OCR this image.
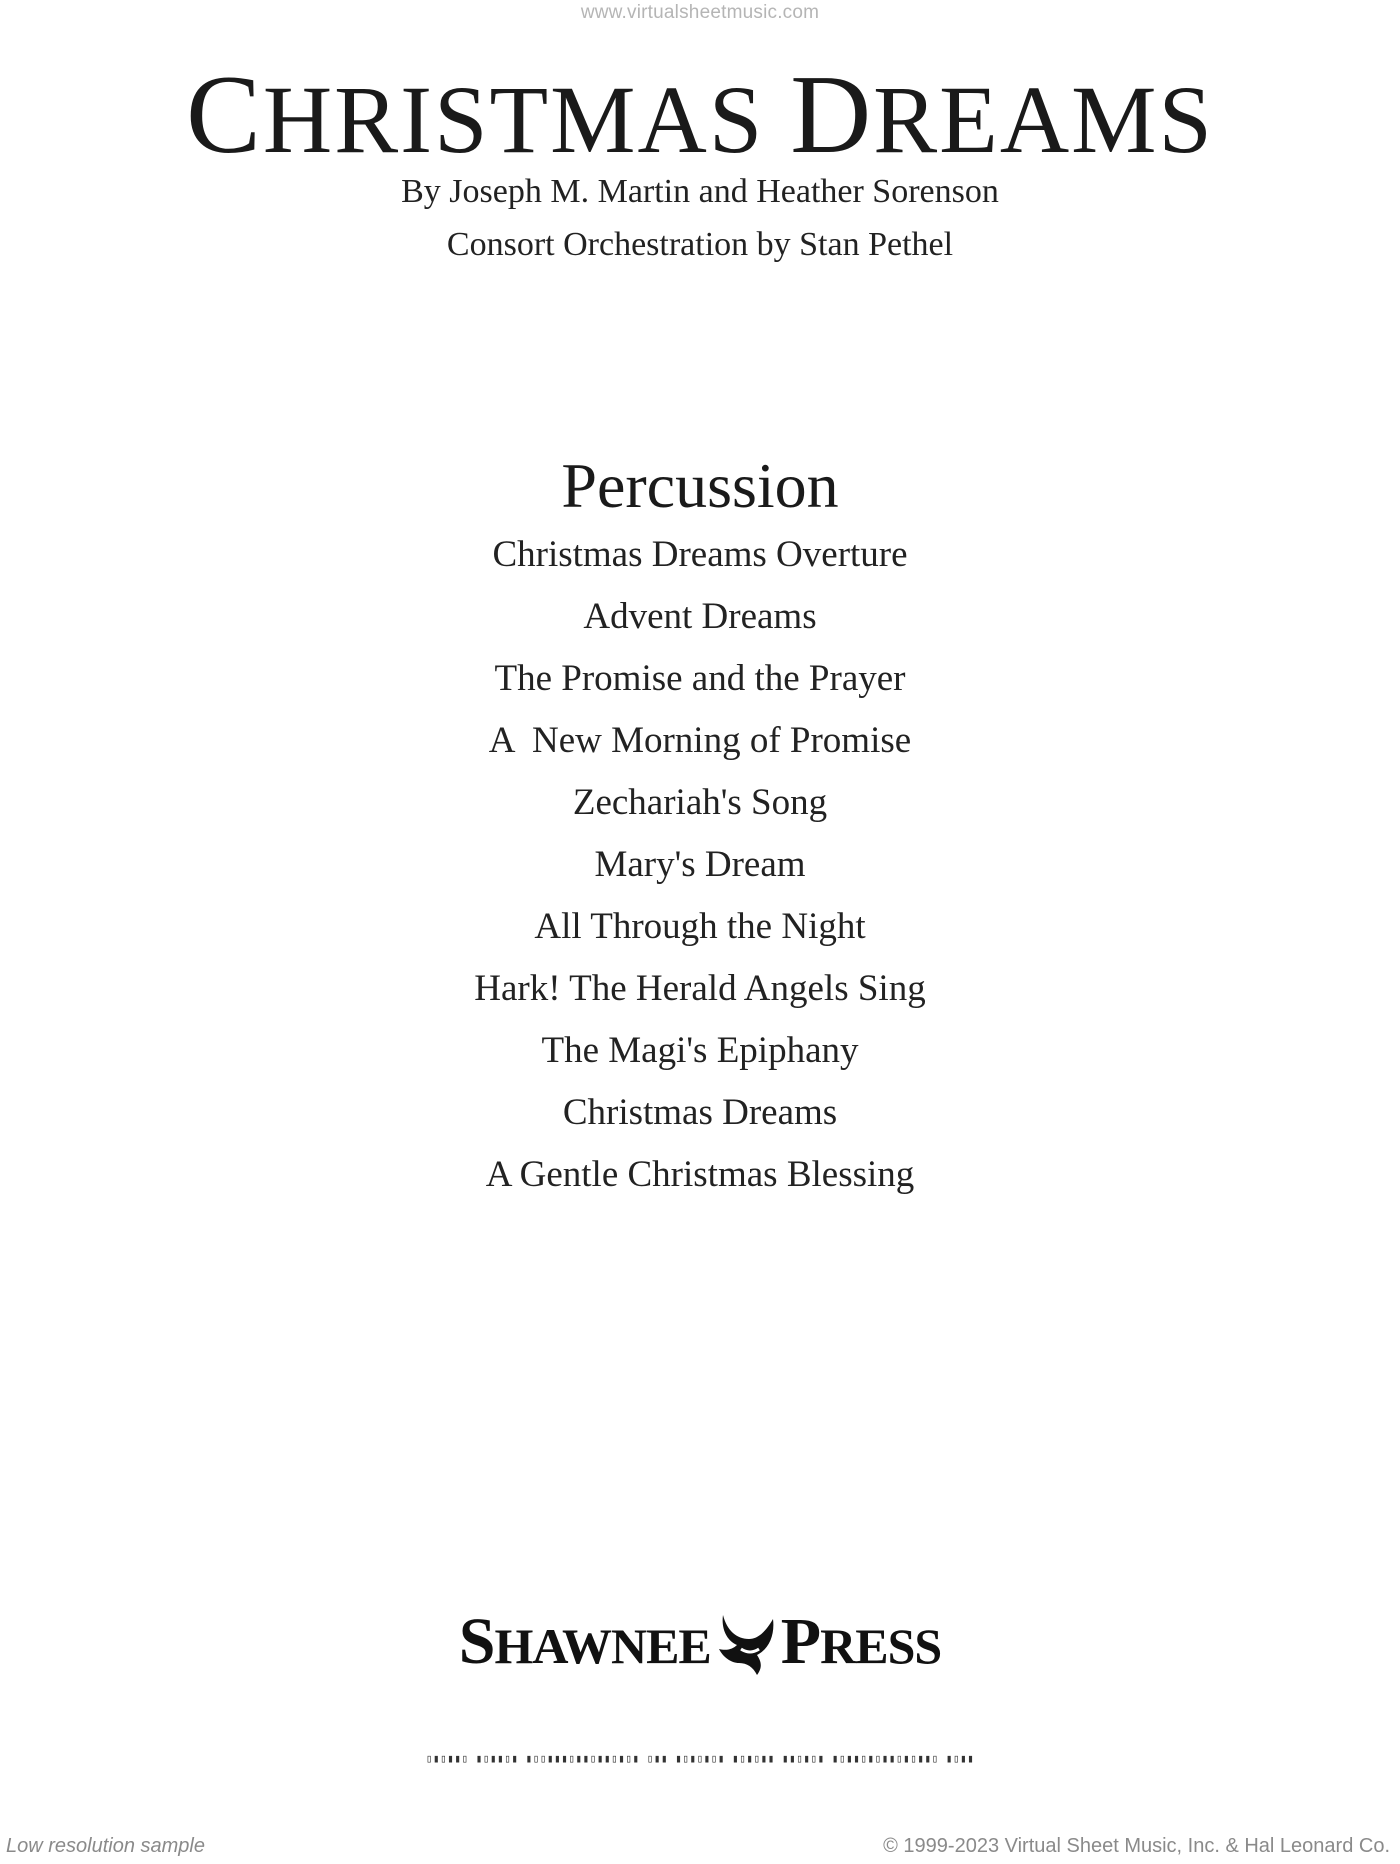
www.virtualsheetmusic.com
CHRISTMAS DREAMS
By Joseph M. Martin and Heather Sorenson
Consort Orchestration by Stan Pethel
Percussion
Christmas Dreams Overture
Advent Dreams
The Promise and the Prayer
A  New Morning of Promise
Zechariah's Song
Mary's Dream
All Through the Night
Hark! The Herald Angels Sing
The Magi's Epiphany
Christmas Dreams
A Gentle Christmas Blessing
SHAWNEE PRESS
▯▮▯▮▮▯ ▮▯▮▮▯▮ ▮▯▯▮▮▮▯▮▮▯▮▮▯▮▯▮ ▯▮▮ ▮▯▮▯▮▯▮ ▮▯▮▯▮▮ ▮▮▯▮▯▮ ▮▯▮▮▯▮▯▮▮▯▮▯▮▮▯ ▮▯▮▮
Low resolution sample	© 1999-2023 Virtual Sheet Music, Inc. & Hal Leonard Co.
